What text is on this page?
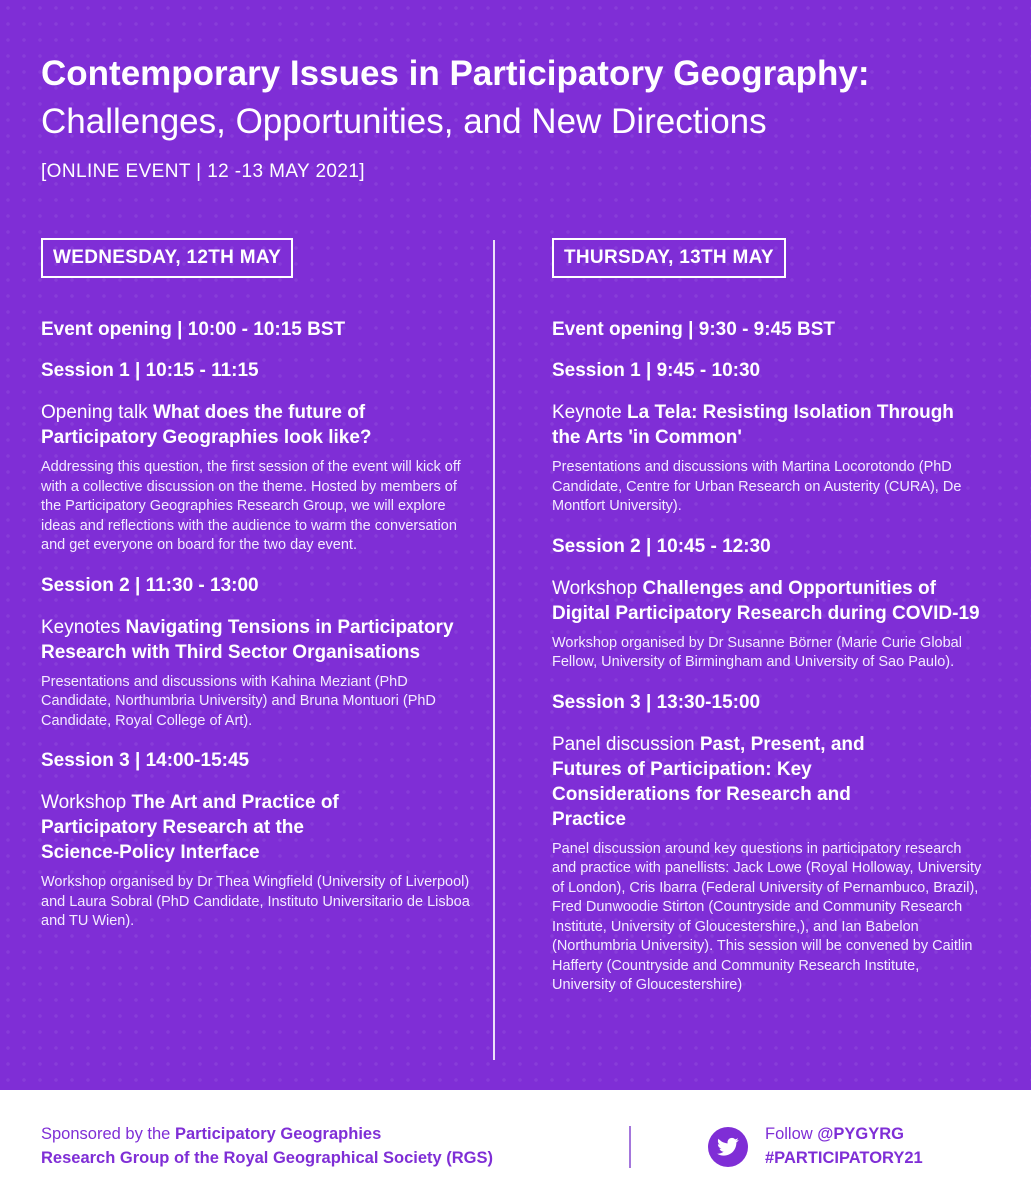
Contemporary Issues in Participatory Geography:
Challenges, Opportunities, and New Directions
[ONLINE EVENT | 12 -13 MAY 2021]
WEDNESDAY, 12TH MAY
Event opening | 10:00 - 10:15 BST
Session 1 | 10:15 - 11:15
Opening talk What does the future of Participatory Geographies look like?
Addressing this question, the first session of the event will kick off with a collective discussion on the theme. Hosted by members of the Participatory Geographies Research Group, we will explore ideas and reflections with the audience to warm the conversation and get everyone on board for the two day event.
Session 2 | 11:30 - 13:00
Keynotes Navigating Tensions in Participatory Research with Third Sector Organisations
Presentations and discussions with Kahina Meziant (PhD Candidate, Northumbria University) and Bruna Montuori (PhD Candidate, Royal College of Art).
Session 3 | 14:00-15:45
Workshop The Art and Practice of Participatory Research at the Science-Policy Interface
Workshop organised by Dr Thea Wingfield (University of Liverpool) and Laura Sobral (PhD Candidate, Instituto Universitario de Lisboa and TU Wien).
THURSDAY, 13TH MAY
Event opening | 9:30 - 9:45 BST
Session 1 | 9:45 - 10:30
Keynote La Tela: Resisting Isolation Through the Arts 'in Common'
Presentations and discussions with Martina Locorotondo (PhD Candidate, Centre for Urban Research on Austerity (CURA), De Montfort University).
Session 2 | 10:45 - 12:30
Workshop Challenges and Opportunities of Digital Participatory Research during COVID-19
Workshop organised by Dr Susanne Börner (Marie Curie Global Fellow, University of Birmingham and University of Sao Paulo).
Session 3 | 13:30-15:00
Panel discussion Past, Present, and Futures of Participation: Key Considerations for Research and Practice
Panel discussion around key questions in participatory research and practice with panellists: Jack Lowe (Royal Holloway, University of London), Cris Ibarra (Federal University of Pernambuco, Brazil), Fred Dunwoodie Stirton (Countryside and Community Research Institute, University of Gloucestershire,), and Ian Babelon (Northumbria University). This session will be convened by Caitlin Hafferty (Countryside and Community Research Institute, University of Gloucestershire)
Sponsored by the Participatory Geographies
Research Group of the Royal Geographical Society (RGS)
Follow @PYGYRG
#PARTICIPATORY21
